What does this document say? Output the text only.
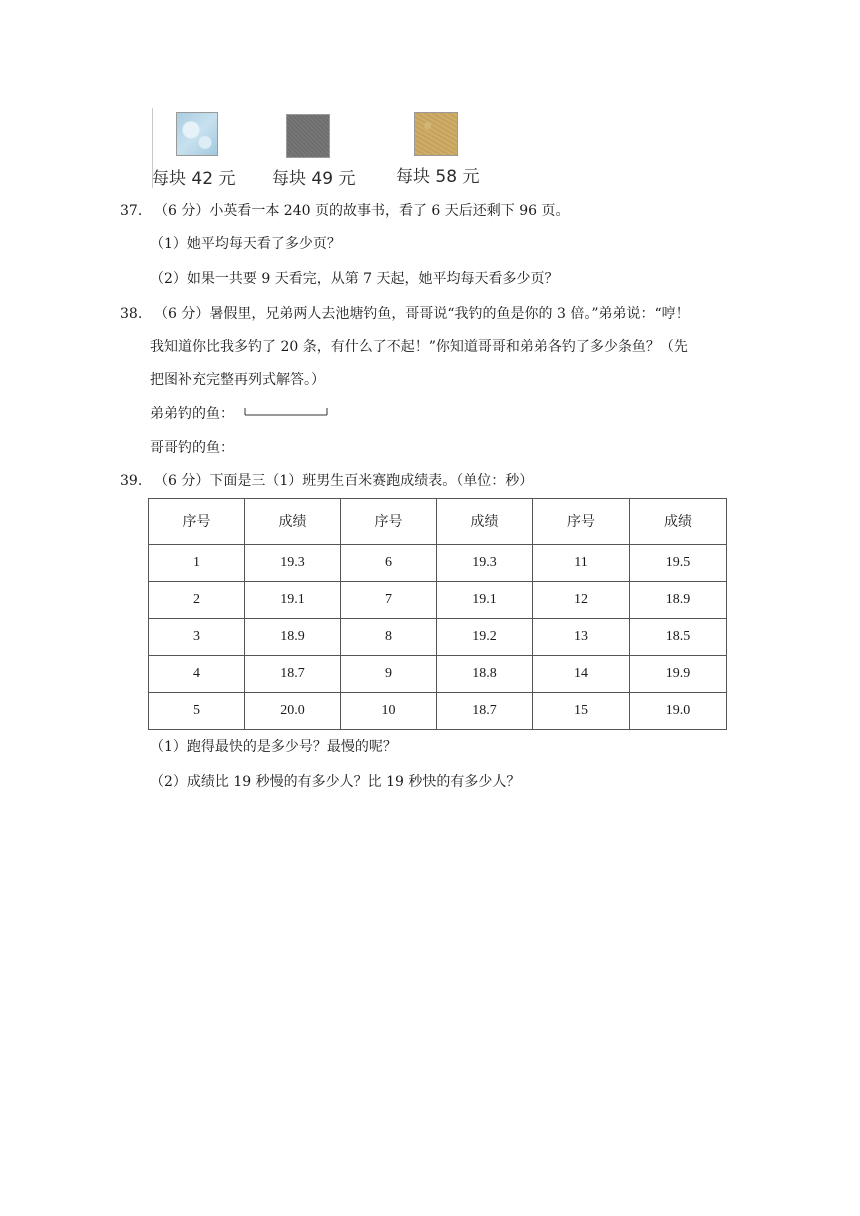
每块 42 元 每块 49 元 每块 58 元
37. （6 分）小英看一本 240 页的故事书，看了 6 天后还剩下 96 页。
（1）她平均每天看了多少页？
（2）如果一共要 9 天看完，从第 7 天起，她平均每天看多少页？
38. （6 分）暑假里，兄弟两人去池塘钓鱼，哥哥说“我钓的鱼是你的 3 倍。”弟弟说：“哼！
我知道你比我多钓了 20 条，有什么了不起！”你知道哥哥和弟弟各钓了多少条鱼？（先
把图补充完整再列式解答。）
弟弟钓的鱼：
哥哥钓的鱼：
39. （6 分）下面是三（1）班男生百米赛跑成绩表。（单位：秒）
序号	成绩	序号	成绩	序号	成绩
1	19.3	6	19.3	11	19.5
2	19.1	7	19.1	12	18.9
3	18.9	8	19.2	13	18.5
4	18.7	9	18.8	14	19.9
5	20.0	10	18.7	15	19.0
（1）跑得最快的是多少号？最慢的呢？
（2）成绩比 19 秒慢的有多少人？比 19 秒快的有多少人？
